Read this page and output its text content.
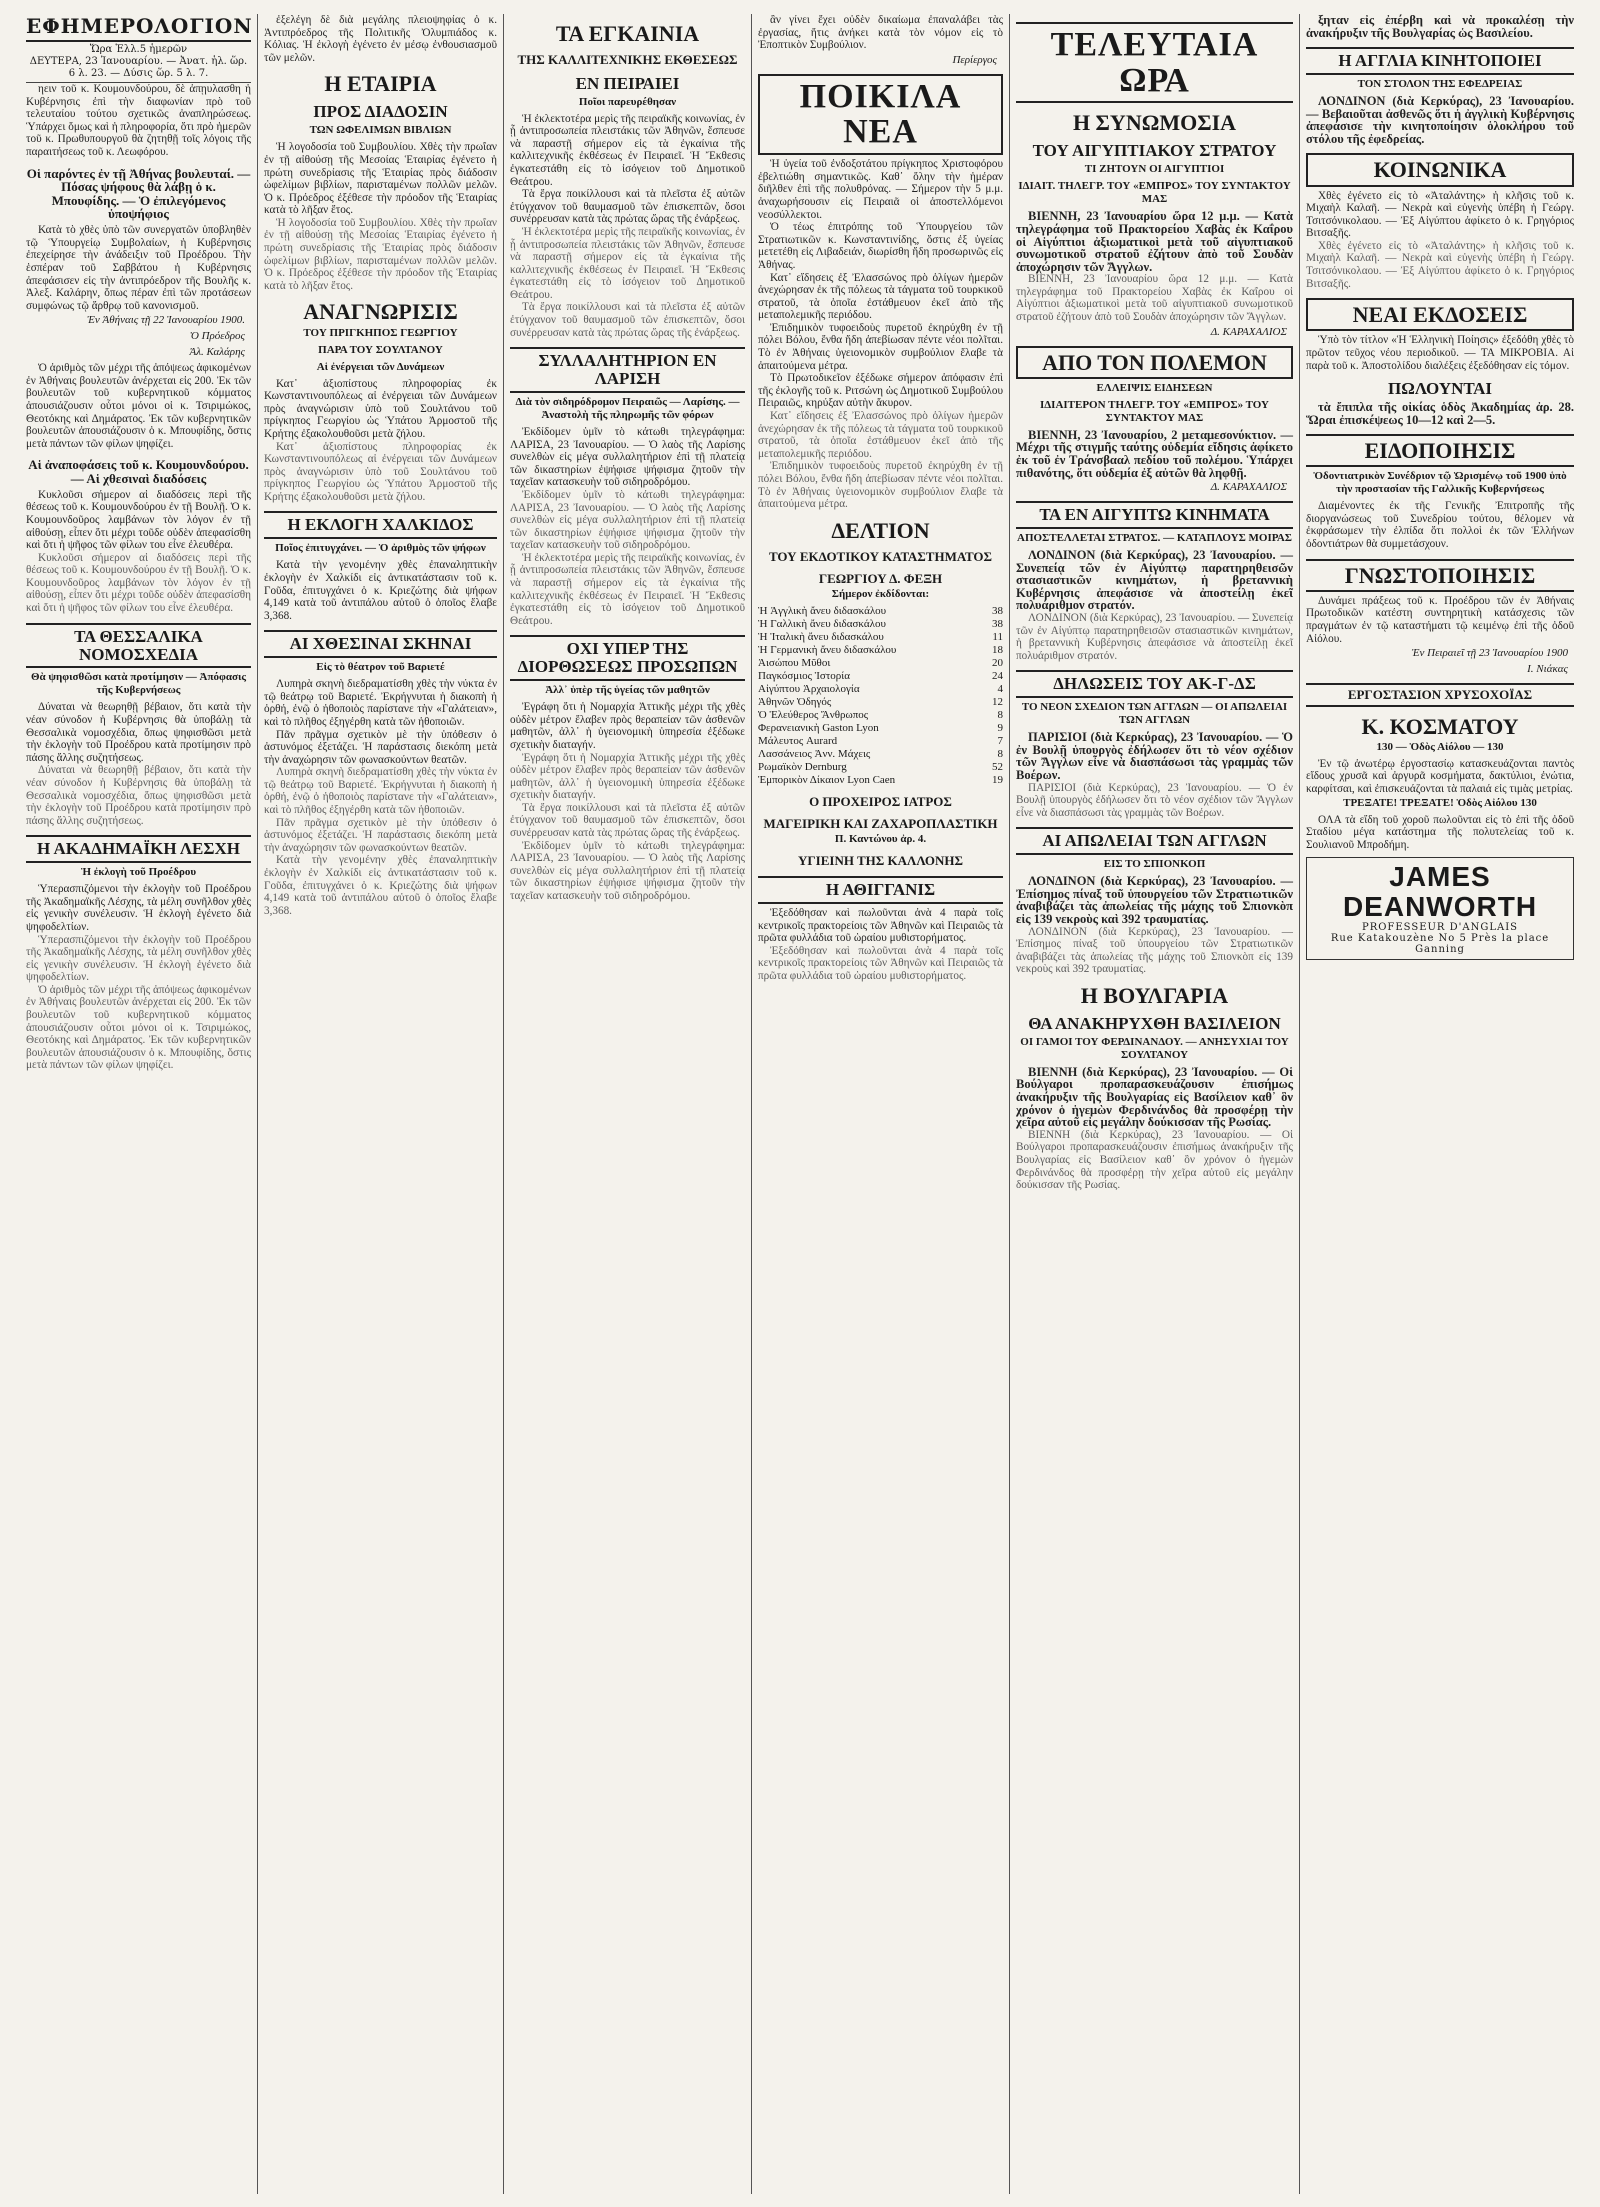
ΕΦΗΜΕΡΟΛΟΓΙΟΝ
Ὥρα Ἑλλ.5 ἡμερῶν
ΔΕΥΤΕΡΑ, 23 Ἰανουαρίου. — Ἀνατ. ἡλ. ὥρ. 6 λ. 23. — Δύσις ὥρ. 5 λ. 7.

ηειν τοῦ κ. Κουμουνδούρου, δὲ ἀπῃυλασθη ἡ Κυβέρνησις ἐπὶ τὴν διαφωνίαν πρὸ τοῦ τελευταίου τούτου σχετικῶς ἀναπληρώσεως. Ὑπάρχει ὅμως καὶ ἡ πληροφορία, ὅτι πρὸ ἡμερῶν τοῦ κ. Πρωθυπουργοῦ θὰ ζητηθῇ τοῖς λόγοις τῆς παραιτήσεως τοῦ κ. Λεωφόρου.

Οἱ παρόντες ἐν τῇ Ἀθήνας βουλευταί. — Πόσας ψήφους θὰ λάβῃ ὁ κ. Μπουφίδης. — Ὁ ἐπιλεγόμενος ὑποψήφιος

Κατὰ τὸ χθὲς ὑπὸ τῶν συνεργατῶν ὑποβληθὲν τῷ Ὑπουργείῳ Συμβολαίων, ἡ Κυβέρνησις ἐπεχείρησε τὴν ἀνάδειξιν τοῦ Προέδρου. Τὴν ἑσπέραν τοῦ Σαββάτου ἡ Κυβέρνησις ἀπεφάσισεν εἰς τὴν ἀντιπρόεδρον τῆς Βουλῆς κ. Ἀλεξ. Καλάρην, ὅπως πέραν ἐπὶ τῶν προτάσεων συμφώνως τῷ ἄρθρῳ τοῦ κανονισμοῦ.

Ἐν Ἀθήναις τῇ 22 Ἰανουαρίου 1900.
Ὁ Πρόεδρος
Ἀλ. Καλάρης

Ὁ ἀριθμὸς τῶν μέχρι τῆς ἀπόψεως ἀφικομένων ἐν Ἀθήναις βουλευτῶν ἀνέρχεται εἰς 200. Ἐκ τῶν βουλευτῶν τοῦ κυβερνητικοῦ κόμματος ἀπουσιάζουσιν οὗτοι μόνοι οἱ κ. Τσιριμώκος, Θεοτόκης καὶ Δημάρατος. Ἐκ τῶν κυβερνητικῶν βουλευτῶν ἀπουσιάζουσιν ὁ κ. Μπουφίδης, ὅστις μετὰ πάντων τῶν φίλων ψηφίζει.

Αἱ ἀναποφάσεις τοῦ κ. Κουμουνδούρου. — Αἱ χθεσιναὶ διαδόσεις

Κυκλοῦσι σήμερον αἱ διαδόσεις περὶ τῆς θέσεως τοῦ κ. Κουμουνδούρου ἐν τῇ Βουλῇ. Ὁ κ. Κουμουνδοῦρος λαμβάνων τὸν λόγον ἐν τῇ αἰθούσῃ, εἶπεν ὅτι μέχρι τοῦδε οὐδὲν ἀπεφασίσθη καὶ ὅτι ἡ ψῆφος τῶν φίλων του εἶνε ἐλευθέρα.

Κυκλοῦσι σήμερον αἱ διαδόσεις περὶ τῆς θέσεως τοῦ κ. Κουμουνδούρου ἐν τῇ Βουλῇ. Ὁ κ. Κουμουνδοῦρος λαμβάνων τὸν λόγον ἐν τῇ αἰθούσῃ, εἶπεν ὅτι μέχρι τοῦδε οὐδὲν ἀπεφασίσθη καὶ ὅτι ἡ ψῆφος τῶν φίλων του εἶνε ἐλευθέρα.

ΤΑ ΘΕΣΣΑΛΙΚΑ ΝΟΜΟΣΧΕΔΙΑ
Θὰ ψηφισθῶσι κατὰ προτίμησιν — Ἀπόφασις τῆς Κυβερνήσεως

Δύναται νὰ θεωρηθῇ βέβαιον, ὅτι κατὰ τὴν νέαν σύνοδον ἡ Κυβέρνησις θὰ ὑποβάλῃ τὰ Θεσσαλικὰ νομοσχέδια, ὅπως ψηφισθῶσι μετὰ τὴν ἐκλογὴν τοῦ Προέδρου κατὰ προτίμησιν πρὸ πάσης ἄλλης συζητήσεως.

Δύναται νὰ θεωρηθῇ βέβαιον, ὅτι κατὰ τὴν νέαν σύνοδον ἡ Κυβέρνησις θὰ ὑποβάλῃ τὰ Θεσσαλικὰ νομοσχέδια, ὅπως ψηφισθῶσι μετὰ τὴν ἐκλογὴν τοῦ Προέδρου κατὰ προτίμησιν πρὸ πάσης ἄλλης συζητήσεως.

Η ΑΚΑΔΗΜΑΪΚΗ ΛΕΣΧΗ
Ἡ ἐκλογὴ τοῦ Προέδρου

Ὑπερασπιζόμενοι τὴν ἐκλογὴν τοῦ Προέδρου τῆς Ἀκαδημαϊκῆς Λέσχης, τὰ μέλη συνῆλθον χθὲς εἰς γενικὴν συνέλευσιν. Ἡ ἐκλογὴ ἐγένετο διὰ ψηφοδελτίων.

Ὑπερασπιζόμενοι τὴν ἐκλογὴν τοῦ Προέδρου τῆς Ἀκαδημαϊκῆς Λέσχης, τὰ μέλη συνῆλθον χθὲς εἰς γενικὴν συνέλευσιν. Ἡ ἐκλογὴ ἐγένετο διὰ ψηφοδελτίων.

Ὁ ἀριθμὸς τῶν μέχρι τῆς ἀπόψεως ἀφικομένων ἐν Ἀθήναις βουλευτῶν ἀνέρχεται εἰς 200. Ἐκ τῶν βουλευτῶν τοῦ κυβερνητικοῦ κόμματος ἀπουσιάζουσιν οὗτοι μόνοι οἱ κ. Τσιριμώκος, Θεοτόκης καὶ Δημάρατος. Ἐκ τῶν κυβερνητικῶν βουλευτῶν ἀπουσιάζουσιν ὁ κ. Μπουφίδης, ὅστις μετὰ πάντων τῶν φίλων ψηφίζει.

ἐξελέγη δὲ διὰ μεγάλης πλειοψηφίας ὁ κ. Ἀντιπρόεδρος τῆς Πολιτικῆς Ὀλυμπιάδος κ. Κόλιας. Ἡ ἐκλογὴ ἐγένετο ἐν μέσῳ ἐνθουσιασμοῦ τῶν μελῶν.

Η ΕΤΑΙΡΙΑ
ΠΡΟΣ ΔΙΑΔΟΣΙΝ
ΤΩΝ ΩΦΕΛΙΜΩΝ ΒΙΒΛΙΩΝ

Ἡ λογοδοσία τοῦ Συμβουλίου. Χθὲς τὴν πρωΐαν ἐν τῇ αἰθούσῃ τῆς Μεσοίας Ἑταιρίας ἐγένετο ἡ πρώτη συνεδρίασις τῆς Ἑταιρίας πρὸς διάδοσιν ὠφελίμων βιβλίων, παρισταμένων πολλῶν μελῶν. Ὁ κ. Πρόεδρος ἐξέθεσε τὴν πρόοδον τῆς Ἑταιρίας κατὰ τὸ λῆξαν ἔτος.

Ἡ λογοδοσία τοῦ Συμβουλίου. Χθὲς τὴν πρωΐαν ἐν τῇ αἰθούσῃ τῆς Μεσοίας Ἑταιρίας ἐγένετο ἡ πρώτη συνεδρίασις τῆς Ἑταιρίας πρὸς διάδοσιν ὠφελίμων βιβλίων, παρισταμένων πολλῶν μελῶν. Ὁ κ. Πρόεδρος ἐξέθεσε τὴν πρόοδον τῆς Ἑταιρίας κατὰ τὸ λῆξαν ἔτος.

ΑΝΑΓΝΩΡΙΣΙΣ
ΤΟΥ ΠΡΙΓΚΗΠΟΣ ΓΕΩΡΓΙΟΥ
ΠΑΡΑ ΤΟΥ ΣΟΥΛΤΑΝΟΥ
Αἱ ἐνέργειαι τῶν Δυνάμεων

Κατ᾽ ἀξιοπίστους πληροφορίας ἐκ Κωνσταντινουπόλεως αἱ ἐνέργειαι τῶν Δυνάμεων πρὸς ἀναγνώρισιν ὑπὸ τοῦ Σουλτάνου τοῦ πρίγκηπος Γεωργίου ὡς Ὑπάτου Ἀρμοστοῦ τῆς Κρήτης ἐξακολουθοῦσι μετὰ ζήλου.

Κατ᾽ ἀξιοπίστους πληροφορίας ἐκ Κωνσταντινουπόλεως αἱ ἐνέργειαι τῶν Δυνάμεων πρὸς ἀναγνώρισιν ὑπὸ τοῦ Σουλτάνου τοῦ πρίγκηπος Γεωργίου ὡς Ὑπάτου Ἀρμοστοῦ τῆς Κρήτης ἐξακολουθοῦσι μετὰ ζήλου.

Η ΕΚΛΟΓΗ ΧΑΛΚΙΔΟΣ
Ποῖος ἐπιτυγχάνει. — Ὁ ἀριθμὸς τῶν ψήφων

Κατὰ τὴν γενομένην χθὲς ἐπαναληπτικὴν ἐκλογὴν ἐν Χαλκίδι εἰς ἀντικατάστασιν τοῦ κ. Γοῦδα, ἐπιτυγχάνει ὁ κ. Κριεζώτης διὰ ψήφων 4,149 κατὰ τοῦ ἀντιπάλου αὐτοῦ ὁ ὁποῖος ἔλαβε 3,368.

ΑΙ ΧΘΕΣΙΝΑΙ ΣΚΗΝΑΙ
Εἰς τὸ θέατρον τοῦ Βαριετέ

Λυπηρὰ σκηνὴ διεδραματίσθη χθὲς τὴν νύκτα ἐν τῷ θεάτρῳ τοῦ Βαριετέ. Ἐκρήγνυται ἡ διακοπὴ ἡ ὀρθή, ἐνῷ ὁ ἠθοποιὸς παρίστανε τὴν «Γαλάτειαν», καὶ τὸ πλῆθος ἐξηγέρθη κατὰ τῶν ἠθοποιῶν.

Πᾶν πρᾶγμα σχετικὸν μὲ τὴν ὑπόθεσιν ὁ ἀστυνόμος ἐξετάζει. Ἡ παράστασις διεκόπη μετὰ τὴν ἀναχώρησιν τῶν φωνασκούντων θεατῶν.

Λυπηρὰ σκηνὴ διεδραματίσθη χθὲς τὴν νύκτα ἐν τῷ θεάτρῳ τοῦ Βαριετέ. Ἐκρήγνυται ἡ διακοπὴ ἡ ὀρθή, ἐνῷ ὁ ἠθοποιὸς παρίστανε τὴν «Γαλάτειαν», καὶ τὸ πλῆθος ἐξηγέρθη κατὰ τῶν ἠθοποιῶν.

Πᾶν πρᾶγμα σχετικὸν μὲ τὴν ὑπόθεσιν ὁ ἀστυνόμος ἐξετάζει. Ἡ παράστασις διεκόπη μετὰ τὴν ἀναχώρησιν τῶν φωνασκούντων θεατῶν.

Κατὰ τὴν γενομένην χθὲς ἐπαναληπτικὴν ἐκλογὴν ἐν Χαλκίδι εἰς ἀντικατάστασιν τοῦ κ. Γοῦδα, ἐπιτυγχάνει ὁ κ. Κριεζώτης διὰ ψήφων 4,149 κατὰ τοῦ ἀντιπάλου αὐτοῦ ὁ ὁποῖος ἔλαβε 3,368.

ΤΑ ΕΓΚΑΙΝΙΑ
ΤΗΣ ΚΑΛΛΙΤΕΧΝΙΚΗΣ ΕΚΘΕΣΕΩΣ
ΕΝ ΠΕΙΡΑΙΕΙ
Ποῖοι παρευρέθησαν

Ἡ ἐκλεκτοτέρα μερὶς τῆς πειραϊκῆς κοινωνίας, ἐν ᾗ ἀντιπροσωπεία πλειστάκις τῶν Ἀθηνῶν, ἔσπευσε νὰ παραστῇ σήμερον εἰς τὰ ἐγκαίνια τῆς καλλιτεχνικῆς ἐκθέσεως ἐν Πειραιεῖ. Ἡ Ἔκθεσις ἐγκατεστάθη εἰς τὸ ἰσόγειον τοῦ Δημοτικοῦ Θεάτρου.

Τὰ ἔργα ποικίλλουσι καὶ τὰ πλεῖστα ἐξ αὐτῶν ἐτύγχανον τοῦ θαυμασμοῦ τῶν ἐπισκεπτῶν, ὅσοι συνέρρευσαν κατὰ τὰς πρώτας ὥρας τῆς ἐνάρξεως.

Ἡ ἐκλεκτοτέρα μερὶς τῆς πειραϊκῆς κοινωνίας, ἐν ᾗ ἀντιπροσωπεία πλειστάκις τῶν Ἀθηνῶν, ἔσπευσε νὰ παραστῇ σήμερον εἰς τὰ ἐγκαίνια τῆς καλλιτεχνικῆς ἐκθέσεως ἐν Πειραιεῖ. Ἡ Ἔκθεσις ἐγκατεστάθη εἰς τὸ ἰσόγειον τοῦ Δημοτικοῦ Θεάτρου.

Τὰ ἔργα ποικίλλουσι καὶ τὰ πλεῖστα ἐξ αὐτῶν ἐτύγχανον τοῦ θαυμασμοῦ τῶν ἐπισκεπτῶν, ὅσοι συνέρρευσαν κατὰ τὰς πρώτας ὥρας τῆς ἐνάρξεως.

ΣΥΛΛΑΛΗΤΗΡΙΟΝ ΕΝ ΛΑΡΙΣΗ
Διὰ τὸν σιδηρόδρομον Πειραιῶς — Λαρίσης. — Ἀναστολὴ τῆς πληρωμῆς τῶν φόρων

Ἐκδίδομεν ὑμῖν τὸ κάτωθι τηλεγράφημα: ΛΑΡΙΣΑ, 23 Ἰανουαρίου. — Ὁ λαὸς τῆς Λαρίσης συνελθὼν εἰς μέγα συλλαλητήριον ἐπὶ τῇ πλατείᾳ τῶν δικαστηρίων ἐψήφισε ψήφισμα ζητοῦν τὴν ταχεῖαν κατασκευὴν τοῦ σιδηροδρόμου.

Ἐκδίδομεν ὑμῖν τὸ κάτωθι τηλεγράφημα: ΛΑΡΙΣΑ, 23 Ἰανουαρίου. — Ὁ λαὸς τῆς Λαρίσης συνελθὼν εἰς μέγα συλλαλητήριον ἐπὶ τῇ πλατείᾳ τῶν δικαστηρίων ἐψήφισε ψήφισμα ζητοῦν τὴν ταχεῖαν κατασκευὴν τοῦ σιδηροδρόμου.

Ἡ ἐκλεκτοτέρα μερὶς τῆς πειραϊκῆς κοινωνίας, ἐν ᾗ ἀντιπροσωπεία πλειστάκις τῶν Ἀθηνῶν, ἔσπευσε νὰ παραστῇ σήμερον εἰς τὰ ἐγκαίνια τῆς καλλιτεχνικῆς ἐκθέσεως ἐν Πειραιεῖ. Ἡ Ἔκθεσις ἐγκατεστάθη εἰς τὸ ἰσόγειον τοῦ Δημοτικοῦ Θεάτρου.

ΟΧΙ ΥΠΕΡ ΤΗΣ ΔΙΟΡΘΩΣΕΩΣ ΠΡΟΣΩΠΩΝ
Ἀλλ᾽ ὑπὲρ τῆς ὑγείας τῶν μαθητῶν

Ἐγράφη ὅτι ἡ Νομαρχία Ἀττικῆς μέχρι τῆς χθὲς οὐδὲν μέτρον ἔλαβεν πρὸς θεραπείαν τῶν ἀσθενῶν μαθητῶν, ἀλλ᾽ ἡ ὑγειονομικὴ ὑπηρεσία ἐξέδωκε σχετικὴν διαταγήν.

Ἐγράφη ὅτι ἡ Νομαρχία Ἀττικῆς μέχρι τῆς χθὲς οὐδὲν μέτρον ἔλαβεν πρὸς θεραπείαν τῶν ἀσθενῶν μαθητῶν, ἀλλ᾽ ἡ ὑγειονομικὴ ὑπηρεσία ἐξέδωκε σχετικὴν διαταγήν.

Τὰ ἔργα ποικίλλουσι καὶ τὰ πλεῖστα ἐξ αὐτῶν ἐτύγχανον τοῦ θαυμασμοῦ τῶν ἐπισκεπτῶν, ὅσοι συνέρρευσαν κατὰ τὰς πρώτας ὥρας τῆς ἐνάρξεως.

Ἐκδίδομεν ὑμῖν τὸ κάτωθι τηλεγράφημα: ΛΑΡΙΣΑ, 23 Ἰανουαρίου. — Ὁ λαὸς τῆς Λαρίσης συνελθὼν εἰς μέγα συλλαλητήριον ἐπὶ τῇ πλατείᾳ τῶν δικαστηρίων ἐψήφισε ψήφισμα ζητοῦν τὴν ταχεῖαν κατασκευὴν τοῦ σιδηροδρόμου.

ἂν γίνει ἔχει οὐδὲν δικαίωμα ἐπαναλάβει τὰς ἐργασίας, ἥτις ἀνήκει κατὰ τὸν νόμον εἰς τὸ Ἐποπτικὸν Συμβούλιον.

Περίεργος
ΠΟΙΚΙΛΑ ΝΕΑ

Ἡ ὑγεία τοῦ ἐνδοξοτάτου πρίγκηπος Χριστοφόρου ἐβελτιώθη σημαντικῶς. Καθ᾽ ὅλην τὴν ἡμέραν διῆλθεν ἐπὶ τῆς πολυθρόνας. — Σήμερον τὴν 5 μ.μ. ἀναχωρήσουσιν εἰς Πειραιᾶ οἱ ἀποστελλόμενοι νεοσύλλεκτοι.

Ὁ τέως ἐπιτρόπης τοῦ Ὑπουργείου τῶν Στρατιωτικῶν κ. Κωνσταντινίδης, ὅστις ἐξ ὑγείας μετετέθη εἰς Λιβαδειάν, διωρίσθη ἤδη προσωρινῶς εἰς Ἀθήνας.

Κατ᾽ εἴδησεις ἐξ Ἐλασσώνος πρὸ ὀλίγων ἡμερῶν ἀνεχώρησαν ἐκ τῆς πόλεως τὰ τάγματα τοῦ τουρκικοῦ στρατοῦ, τὰ ὁποῖα ἐστάθμευον ἐκεῖ ἀπὸ τῆς μεταπολεμικῆς περιόδου.

Ἐπιδημικὸν τυφοειδοὺς πυρετοῦ ἐκηρύχθη ἐν τῇ πόλει Βόλου, ἔνθα ἤδη ἀπεβίωσαν πέντε νέοι πολῖται. Τὸ ἐν Ἀθήναις ὑγειονομικὸν συμβούλιον ἔλαβε τὰ ἀπαιτούμενα μέτρα.

Τὸ Πρωτοδικεῖον ἐξέδωκε σήμερον ἀπόφασιν ἐπὶ τῆς ἐκλογῆς τοῦ κ. Ριτσώνη ὡς Δημοτικοῦ Συμβούλου Πειραιῶς, κηρύξαν αὐτὴν ἄκυρον.

Κατ᾽ εἴδησεις ἐξ Ἐλασσώνος πρὸ ὀλίγων ἡμερῶν ἀνεχώρησαν ἐκ τῆς πόλεως τὰ τάγματα τοῦ τουρκικοῦ στρατοῦ, τὰ ὁποῖα ἐστάθμευον ἐκεῖ ἀπὸ τῆς μεταπολεμικῆς περιόδου.

Ἐπιδημικὸν τυφοειδοὺς πυρετοῦ ἐκηρύχθη ἐν τῇ πόλει Βόλου, ἔνθα ἤδη ἀπεβίωσαν πέντε νέοι πολῖται. Τὸ ἐν Ἀθήναις ὑγειονομικὸν συμβούλιον ἔλαβε τὰ ἀπαιτούμενα μέτρα.

ΔΕΛΤΙΟΝ
ΤΟΥ ΕΚΔΟΤΙΚΟΥ ΚΑΤΑΣΤΗΜΑΤΟΣ
ΓΕΩΡΓΙΟΥ Δ. ΦΕΞΗ
Σήμερον ἐκδίδονται:
Ἡ Ἀγγλικὴ ἄνευ διδασκάλου	38
Ἡ Γαλλικὴ ἄνευ διδασκάλου	38
Ἡ Ἰταλικὴ ἄνευ διδασκάλου	11
Ἡ Γερμανικὴ ἄνευ διδασκάλου	18
Ἀισώπου Μῦθοι	20
Παγκόσμιος Ἱστορία	24
Αἰγύπτου Ἀρχαιολογία	4
Ἀθηνῶν Ὁδηγός	12
Ὁ Ἐλεύθερος Ἄνθρωπος	8
Φερανειανικὴ Gaston Lyon	9
Μάλευτος Aurard	7
Λασσάνειος Ἀνν. Μάχεις	8
Ρωμαϊκὸν Dernburg	52
Ἐμπορικὸν Δίκαιον Lyon Caen	19
Ο ΠΡΟΧΕΙΡΟΣ ΙΑΤΡΟΣ
ΜΑΓΕΙΡΙΚΗ ΚΑΙ ΖΑΧΑΡΟΠΛΑΣΤΙΚΗ
Π. Καντώνου ἀρ. 4.
ΥΓΙΕΙΝΗ ΤΗΣ ΚΑΛΛΟΝΗΣ
Η ΑΘΙΓΓΑΝΙΣ

Ἐξεδόθησαν καὶ πωλοῦνται ἀνὰ 4 παρὰ τοῖς κεντρικοῖς πρακτορείοις τῶν Ἀθηνῶν καὶ Πειραιῶς τὰ πρῶτα φυλλάδια τοῦ ὡραίου μυθιστορήματος.

Ἐξεδόθησαν καὶ πωλοῦνται ἀνὰ 4 παρὰ τοῖς κεντρικοῖς πρακτορείοις τῶν Ἀθηνῶν καὶ Πειραιῶς τὰ πρῶτα φυλλάδια τοῦ ὡραίου μυθιστορήματος.

ΤΕΛΕΥΤΑΙΑ ΩΡΑ
Η ΣΥΝΩΜΟΣΙΑ
ΤΟΥ ΑΙΓΥΠΤΙΑΚΟΥ ΣΤΡΑΤΟΥ
ΤΙ ΖΗΤΟΥΝ ΟΙ ΑΙΓΥΠΤΙΟΙ
ΙΔΙΑΙΤ. ΤΗΛΕΓΡ. ΤΟΥ «ΕΜΠΡΟΣ» ΤΟΥ ΣΥΝΤΑΚΤΟΥ ΜΑΣ

ΒΙΕΝΝΗ, 23 Ἰανουαρίου ὥρα 12 μ.μ. — Κατὰ τηλεγράφημα τοῦ Πρακτορείου Χαβὰς ἐκ Καΐρου οἱ Αἰγύπτιοι ἀξιωματικοὶ μετὰ τοῦ αἰγυπτιακοῦ συνωμοτικοῦ στρατοῦ ἐζήτουν ἀπὸ τοῦ Σουδὰν ἀποχώρησιν τῶν Ἄγγλων.

ΒΙΕΝΝΗ, 23 Ἰανουαρίου ὥρα 12 μ.μ. — Κατὰ τηλεγράφημα τοῦ Πρακτορείου Χαβὰς ἐκ Καΐρου οἱ Αἰγύπτιοι ἀξιωματικοὶ μετὰ τοῦ αἰγυπτιακοῦ συνωμοτικοῦ στρατοῦ ἐζήτουν ἀπὸ τοῦ Σουδὰν ἀποχώρησιν τῶν Ἄγγλων.

Δ. ΚΑΡΑΧΑΛΙΟΣ
ΑΠΟ ΤΟΝ ΠΟΛΕΜΟΝ
ΕΛΛΕΙΨΙΣ ΕΙΔΗΣΕΩΝ
ΙΔΙΑΙΤΕΡΟΝ ΤΗΛΕΓΡ. ΤΟΥ «ΕΜΠΡΟΣ» ΤΟΥ ΣΥΝΤΑΚΤΟΥ ΜΑΣ

ΒΙΕΝΝΗ, 23 Ἰανουαρίου, 2 μεταμεσονύκτιον. — Μέχρι τῆς στιγμῆς ταύτης οὐδεμία εἴδησις ἀφίκετο ἐκ τοῦ ἐν Τράνσβααλ πεδίου τοῦ πολέμου. Ὑπάρχει πιθανότης, ὅτι οὐδεμία ἐξ αὐτῶν θὰ ληφθῇ.

Δ. ΚΑΡΑΧΑΛΙΟΣ
ΤΑ ΕΝ ΑΙΓΥΠΤΩ ΚΙΝΗΜΑΤΑ
ΑΠΟΣΤΕΛΛΕΤΑΙ ΣΤΡΑΤΟΣ. — ΚΑΤΑΠΛΟΥΣ ΜΟΙΡΑΣ

ΛΟΝΔΙΝΟΝ (διὰ Κερκύρας), 23 Ἰανουαρίου. — Συνεπείᾳ τῶν ἐν Αἰγύπτῳ παρατηρηθεισῶν στασιαστικῶν κινημάτων, ἡ βρεταννικὴ Κυβέρνησις ἀπεφάσισε νὰ ἀποστείλῃ ἐκεῖ πολυάριθμον στρατόν.

ΛΟΝΔΙΝΟΝ (διὰ Κερκύρας), 23 Ἰανουαρίου. — Συνεπείᾳ τῶν ἐν Αἰγύπτῳ παρατηρηθεισῶν στασιαστικῶν κινημάτων, ἡ βρεταννικὴ Κυβέρνησις ἀπεφάσισε νὰ ἀποστείλῃ ἐκεῖ πολυάριθμον στρατόν.

ΔΗΛΩΣΕΙΣ ΤΟΥ ΑΚ-Γ-ΔΣ
ΤΟ ΝΕΟΝ ΣΧΕΔΙΟΝ ΤΩΝ ΑΓΓΛΩΝ — ΟΙ ΑΠΩΛΕΙΑΙ ΤΩΝ ΑΓΓΛΩΝ

ΠΑΡΙΣΙΟΙ (διὰ Κερκύρας), 23 Ἰανουαρίου. — Ὁ ἐν Βουλῇ ὑπουργὸς ἐδήλωσεν ὅτι τὸ νέον σχέδιον τῶν Ἄγγλων εἶνε νὰ διασπάσωσι τὰς γραμμὰς τῶν Βοέρων.

ΠΑΡΙΣΙΟΙ (διὰ Κερκύρας), 23 Ἰανουαρίου. — Ὁ ἐν Βουλῇ ὑπουργὸς ἐδήλωσεν ὅτι τὸ νέον σχέδιον τῶν Ἄγγλων εἶνε νὰ διασπάσωσι τὰς γραμμὰς τῶν Βοέρων.

ΑΙ ΑΠΩΛΕΙΑΙ ΤΩΝ ΑΓΓΛΩΝ
ΕΙΣ ΤΟ ΣΠΙΟΝΚΟΠ

ΛΟΝΔΙΝΟΝ (διὰ Κερκύρας), 23 Ἰανουαρίου. — Ἐπίσημος πίναξ τοῦ ὑπουργείου τῶν Στρατιωτικῶν ἀναβιβάζει τὰς ἀπωλείας τῆς μάχης τοῦ Σπιονκὸπ εἰς 139 νεκροὺς καὶ 392 τραυματίας.

ΛΟΝΔΙΝΟΝ (διὰ Κερκύρας), 23 Ἰανουαρίου. — Ἐπίσημος πίναξ τοῦ ὑπουργείου τῶν Στρατιωτικῶν ἀναβιβάζει τὰς ἀπωλείας τῆς μάχης τοῦ Σπιονκὸπ εἰς 139 νεκροὺς καὶ 392 τραυματίας.

Η ΒΟΥΛΓΑΡΙΑ
ΘΑ ΑΝΑΚΗΡΥΧΘΗ ΒΑΣΙΛΕΙΟΝ
ΟΙ ΓΑΜΟΙ ΤΟΥ ΦΕΡΔΙΝΑΝΔΟΥ. — ΑΝΗΣΥΧΙΑΙ ΤΟΥ ΣΟΥΛΤΑΝΟΥ

ΒΙΕΝΝΗ (διὰ Κερκύρας), 23 Ἰανουαρίου. — Οἱ Βούλγαροι προπαρασκευάζουσιν ἐπισήμως ἀνακήρυξιν τῆς Βουλγαρίας εἰς Βασίλειον καθ᾽ ὃν χρόνον ὁ ἡγεμὼν Φερδινάνδος θὰ προσφέρῃ τὴν χεῖρα αὐτοῦ εἰς μεγάλην δούκισσαν τῆς Ρωσίας.

ΒΙΕΝΝΗ (διὰ Κερκύρας), 23 Ἰανουαρίου. — Οἱ Βούλγαροι προπαρασκευάζουσιν ἐπισήμως ἀνακήρυξιν τῆς Βουλγαρίας εἰς Βασίλειον καθ᾽ ὃν χρόνον ὁ ἡγεμὼν Φερδινάνδος θὰ προσφέρῃ τὴν χεῖρα αὐτοῦ εἰς μεγάλην δούκισσαν τῆς Ρωσίας.

ξηταν εἰς ἐπέρβη καὶ νὰ προκαλέσῃ τὴν ἀνακήρυξιν τῆς Βουλγαρίας ὡς Βασιλείου.

Η ΑΓΓΛΙΑ ΚΙΝΗΤΟΠΟΙΕΙ
ΤΟΝ ΣΤΟΛΟΝ ΤΗΣ ΕΦΕΔΡΕΙΑΣ

ΛΟΝΔΙΝΟΝ (διὰ Κερκύρας), 23 Ἰανουαρίου. — Βεβαιοῦται ἀσθενῶς ὅτι ἡ ἀγγλικὴ Κυβέρνησις ἀπεφάσισε τὴν κινητοποίησιν ὁλοκλήρου τοῦ στόλου τῆς ἐφεδρείας.

ΚΟΙΝΩΝΙΚΑ

Χθὲς ἐγένετο εἰς τὸ «Ἀταλάντης» ἡ κλῆσις τοῦ κ. Μιχαὴλ Καλαῆ. — Νεκρὰ καὶ εὐγενὴς ὑπέβη ἡ Γεώργ. Τσιτσόνικολαου. — Ἐξ Αἰγύπτου ἀφίκετο ὁ κ. Γρηγόριος Βιτσαξῆς.

Χθὲς ἐγένετο εἰς τὸ «Ἀταλάντης» ἡ κλῆσις τοῦ κ. Μιχαὴλ Καλαῆ. — Νεκρὰ καὶ εὐγενὴς ὑπέβη ἡ Γεώργ. Τσιτσόνικολαου. — Ἐξ Αἰγύπτου ἀφίκετο ὁ κ. Γρηγόριος Βιτσαξῆς.

ΝΕΑΙ ΕΚΔΟΣΕΙΣ

Ὑπὸ τὸν τίτλον «Ἡ Ἑλληνικὴ Ποίησις» ἐξεδόθη χθὲς τὸ πρῶτον τεῦχος νέου περιοδικοῦ. — ΤΑ ΜΙΚΡΟΒΙΑ. Αἱ παρὰ τοῦ κ. Ἀποστολίδου διαλέξεις ἐξεδόθησαν εἰς τόμον.

ΠΩΛΟΥΝΤΑΙ

τὰ ἔπιπλα τῆς οἰκίας ὁδὸς Ἀκαδημίας ἀρ. 28. Ὥραι ἐπισκέψεως 10—12 καὶ 2—5.

ΕΙΔΟΠΟΙΗΣΙΣ
Ὀδοντιατρικὸν Συνέδριον τῷ Ὡρισμένῳ τοῦ 1900 ὑπὸ τὴν προστασίαν τῆς Γαλλικῆς Κυβερνήσεως

Διαμένοντες ἐκ τῆς Γενικῆς Ἐπιτροπῆς τῆς διοργανώσεως τοῦ Συνεδρίου τούτου, θέλομεν νὰ ἐκφράσωμεν τὴν ἐλπίδα ὅτι πολλοὶ ἐκ τῶν Ἑλλήνων ὀδοντιάτρων θὰ συμμετάσχουν.

ΓΝΩΣΤΟΠΟΙΗΣΙΣ

Δυνάμει πράξεως τοῦ κ. Προέδρου τῶν ἐν Ἀθήναις Πρωτοδικῶν κατέστη συντηρητικὴ κατάσχεσις τῶν πραγμάτων ἐν τῷ καταστήματι τῷ κειμένῳ ἐπὶ τῆς ὁδοῦ Αἰόλου.

Ἐν Πειραιεῖ τῇ 23 Ἰανουαρίου 1900
Ι. Νιάκας
ΕΡΓΟΣΤΑΣΙΟΝ ΧΡΥΣΟΧΟΪΑΣ
Κ. ΚΟΣΜΑΤΟΥ
130 — Ὁδὸς Αἰόλου — 130

Ἐν τῷ ἀνωτέρῳ ἐργοστασίῳ κατασκευάζονται παντὸς εἴδους χρυσᾶ καὶ ἀργυρᾶ κοσμήματα, δακτύλιοι, ἐνώτια, καρφίτσαι, καὶ ἐπισκευάζονται τὰ παλαιά εἰς τιμὰς μετρίας.

ΤΡΕΞΑΤΕ! ΤΡΕΞΑΤΕ! Ὁδὸς Αἰόλου 130

ΟΛΑ τὰ εἴδη τοῦ χοροῦ πωλοῦνται εἰς τὸ ἐπὶ τῆς ὁδοῦ Σταδίου μέγα κατάστημα τῆς πολυτελείας τοῦ κ. Σουλιανοῦ Μπροδήμη.

JAMES DEANWORTH
PROFESSEUR D'ANGLAIS
Rue Katakouzène No 5 Près la place Ganning
